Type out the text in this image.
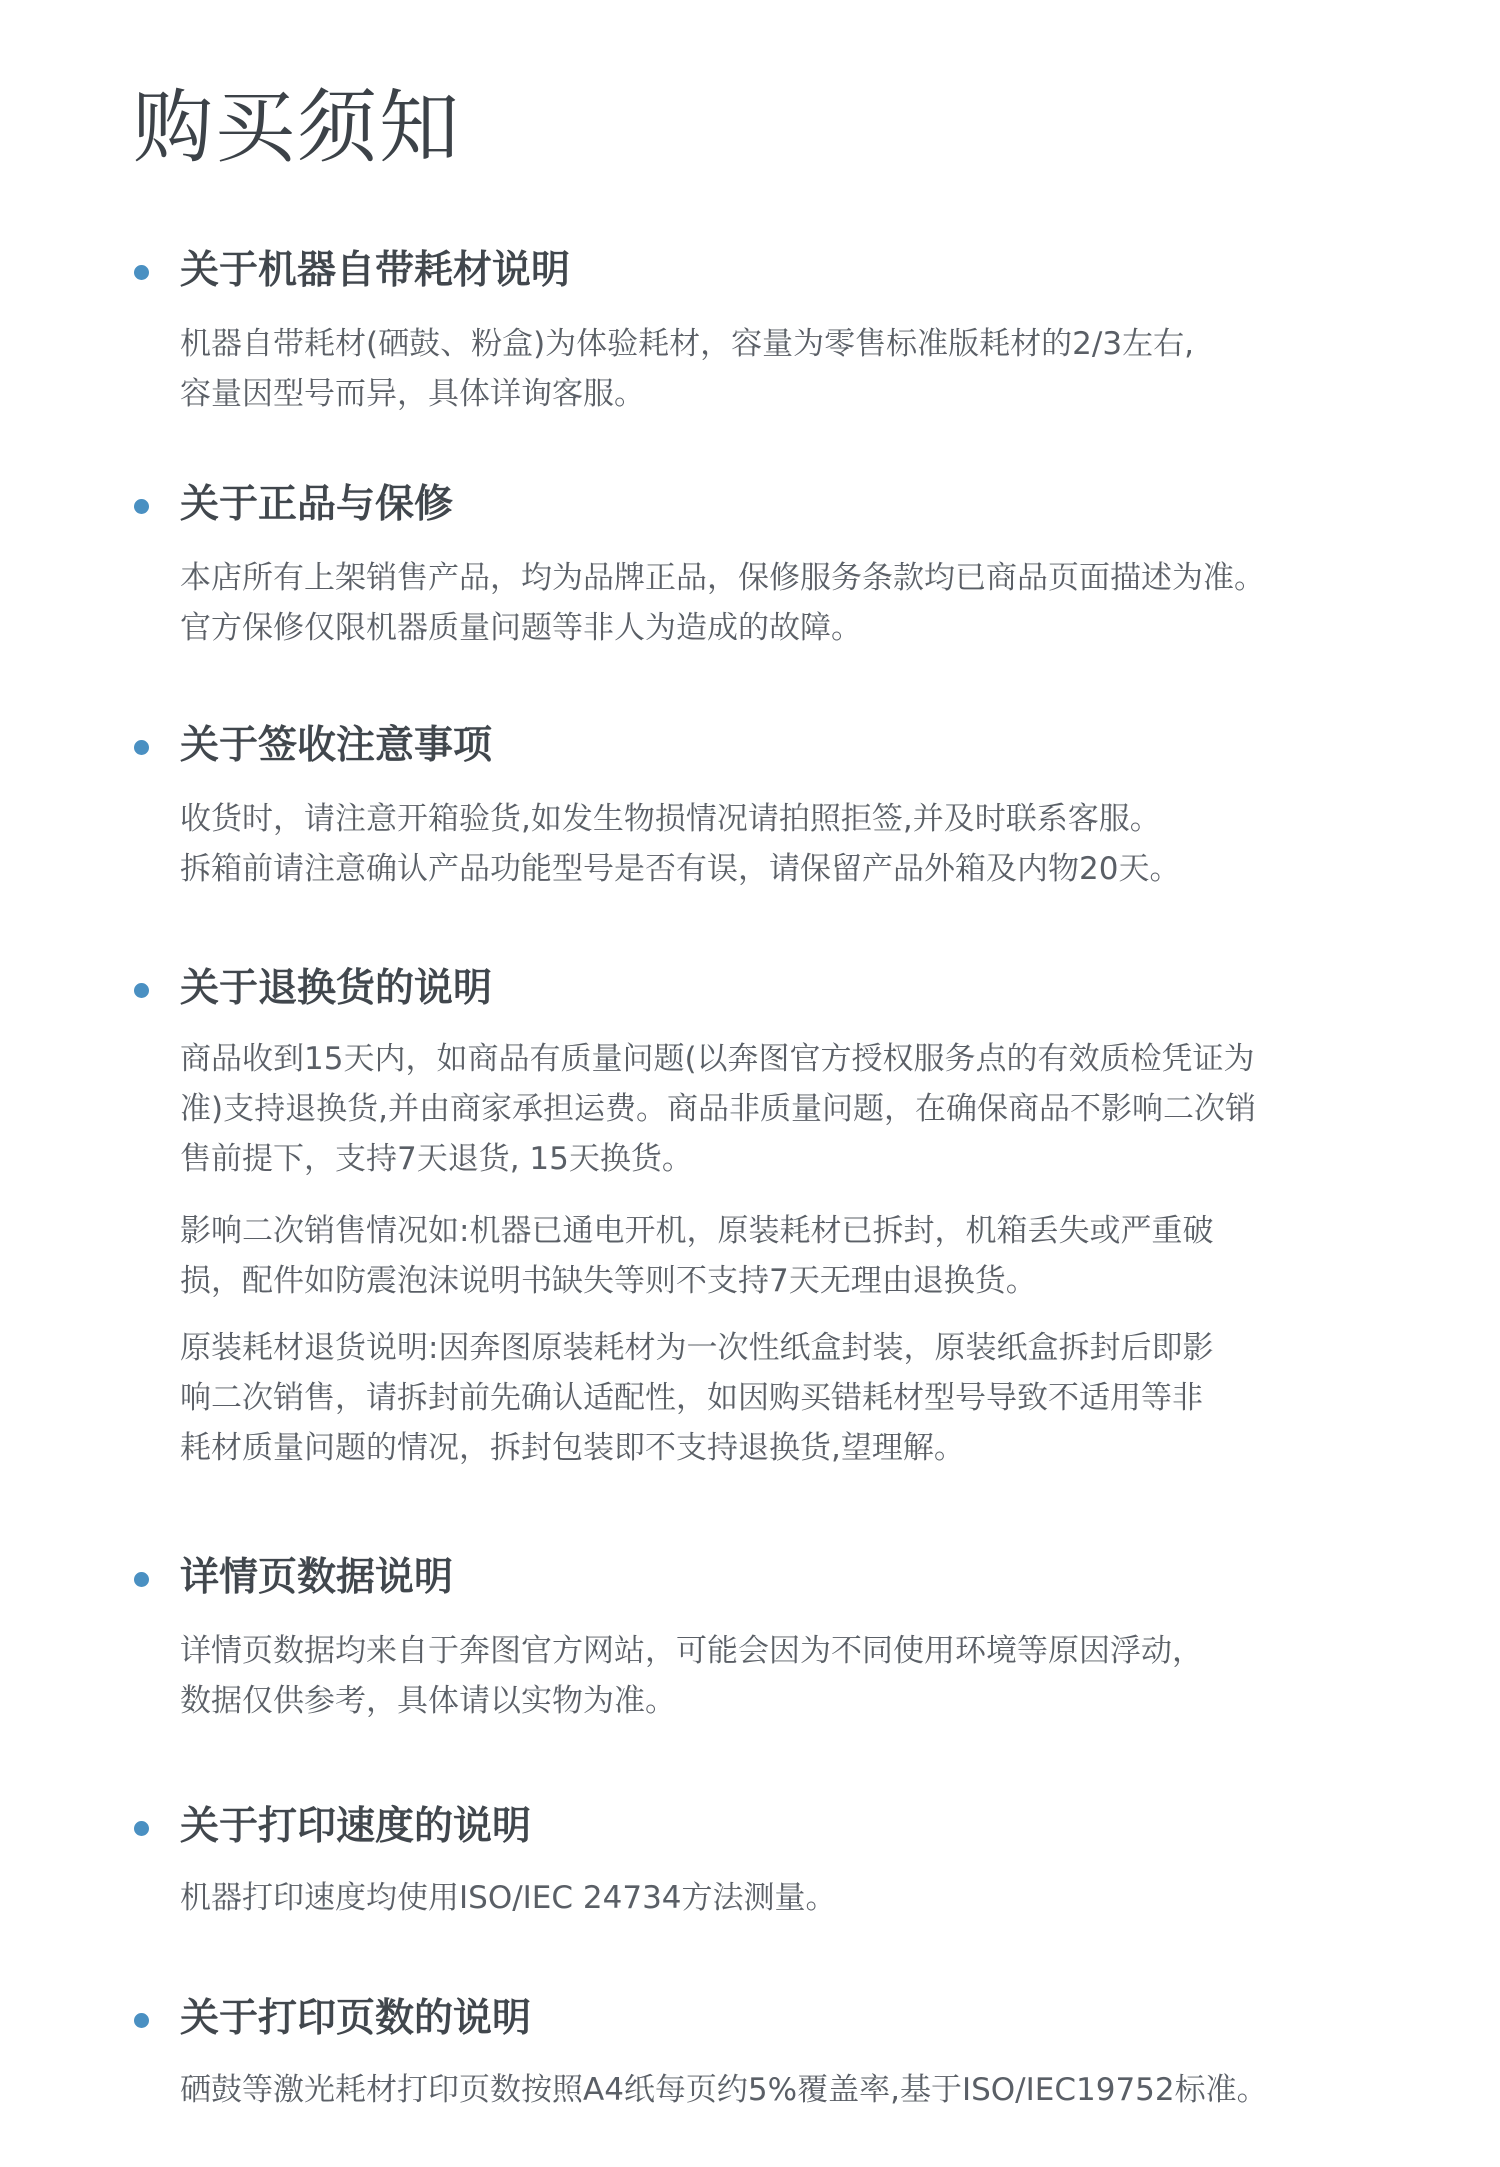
购买须知
关于机器自带耗材说明

机器自带耗材(硒鼓、粉盒)为体验耗材，容量为零售标准版耗材的2/3左右,

容量因型号而异，具体详询客服。

关于正品与保修

本店所有上架销售产品，均为品牌正品，保修服务条款均已商品页面描述为准。

官方保修仅限机器质量问题等非人为造成的故障。

关于签收注意事项

收货时，请注意开箱验货,如发生物损情况请拍照拒签,并及时联系客服。

拆箱前请注意确认产品功能型号是否有误，请保留产品外箱及内物20天。

关于退换货的说明

商品收到15天内，如商品有质量问题(以奔图官方授权服务点的有效质检凭证为

准)支持退换货,并由商家承担运费。商品非质量问题，在确保商品不影响二次销

售前提下，支持7天退货, 15天换货。

影响二次销售情况如:机器已通电开机，原装耗材已拆封，机箱丢失或严重破

损，配件如防震泡沫说明书缺失等则不支持7天无理由退换货。

原装耗材退货说明:因奔图原装耗材为一次性纸盒封装，原装纸盒拆封后即影

响二次销售，请拆封前先确认适配性，如因购买错耗材型号导致不适用等非

耗材质量问题的情况，拆封包装即不支持退换货,望理解。

详情页数据说明

详情页数据均来自于奔图官方网站，可能会因为不同使用环境等原因浮动，

数据仅供参考，具体请以实物为准。

关于打印速度的说明

机器打印速度均使用ISO/IEC 24734方法测量。

关于打印页数的说明

硒鼓等激光耗材打印页数按照A4纸每页约5%覆盖率,基于ISO/IEC19752标准。
